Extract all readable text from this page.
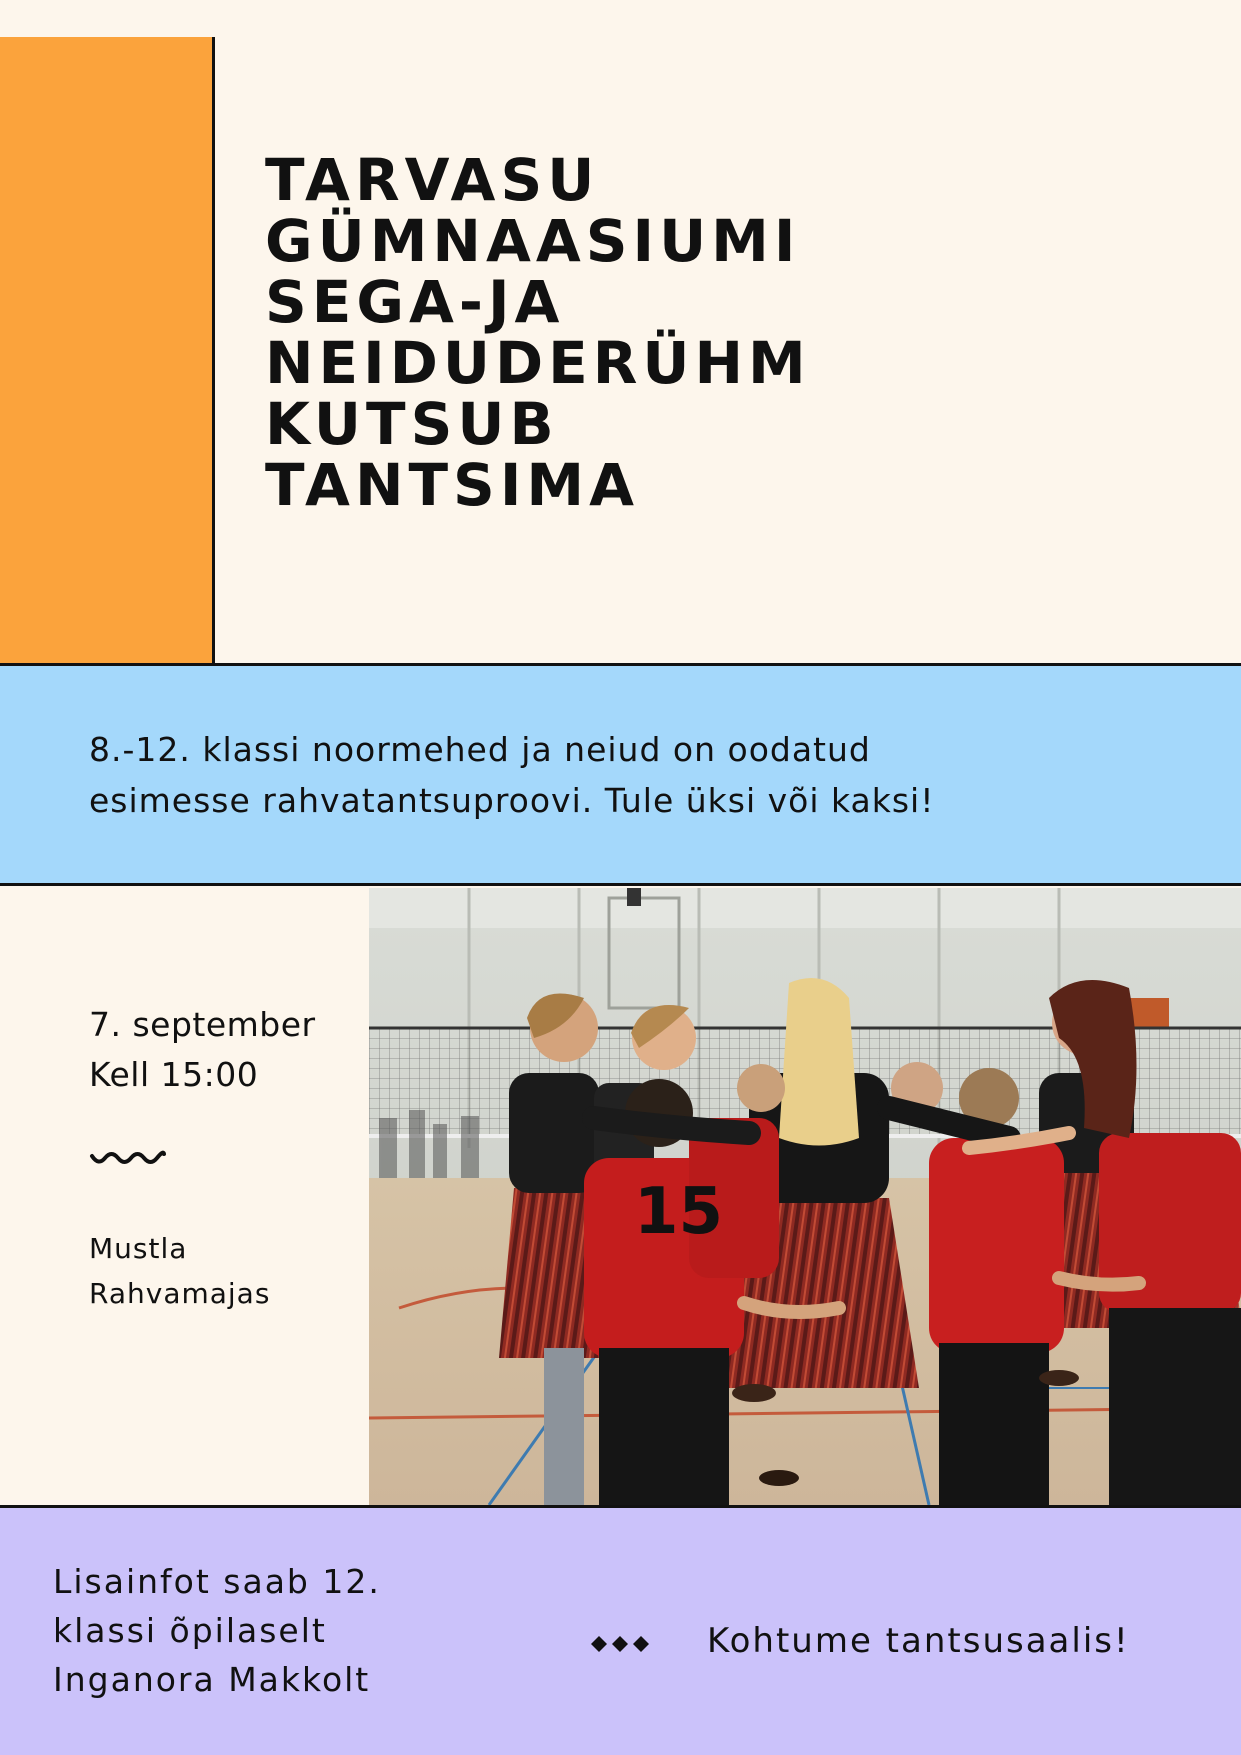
TARVASU
GÜMNAASIUMI
SEGA-JA
NEIDUDERÜHM
KUTSUB
TANTSIMA

8.-12. klassi noormehed ja neiud on oodatud
esimesse rahvatantsuproovi. Tule üksi või kaksi!

7. september
Kell 15:00
Mustla
Rahvamajas
15
Lisainfot saab 12.
klassi õpilaselt
Inganora Makkolt
Kohtume tantsusaalis!
